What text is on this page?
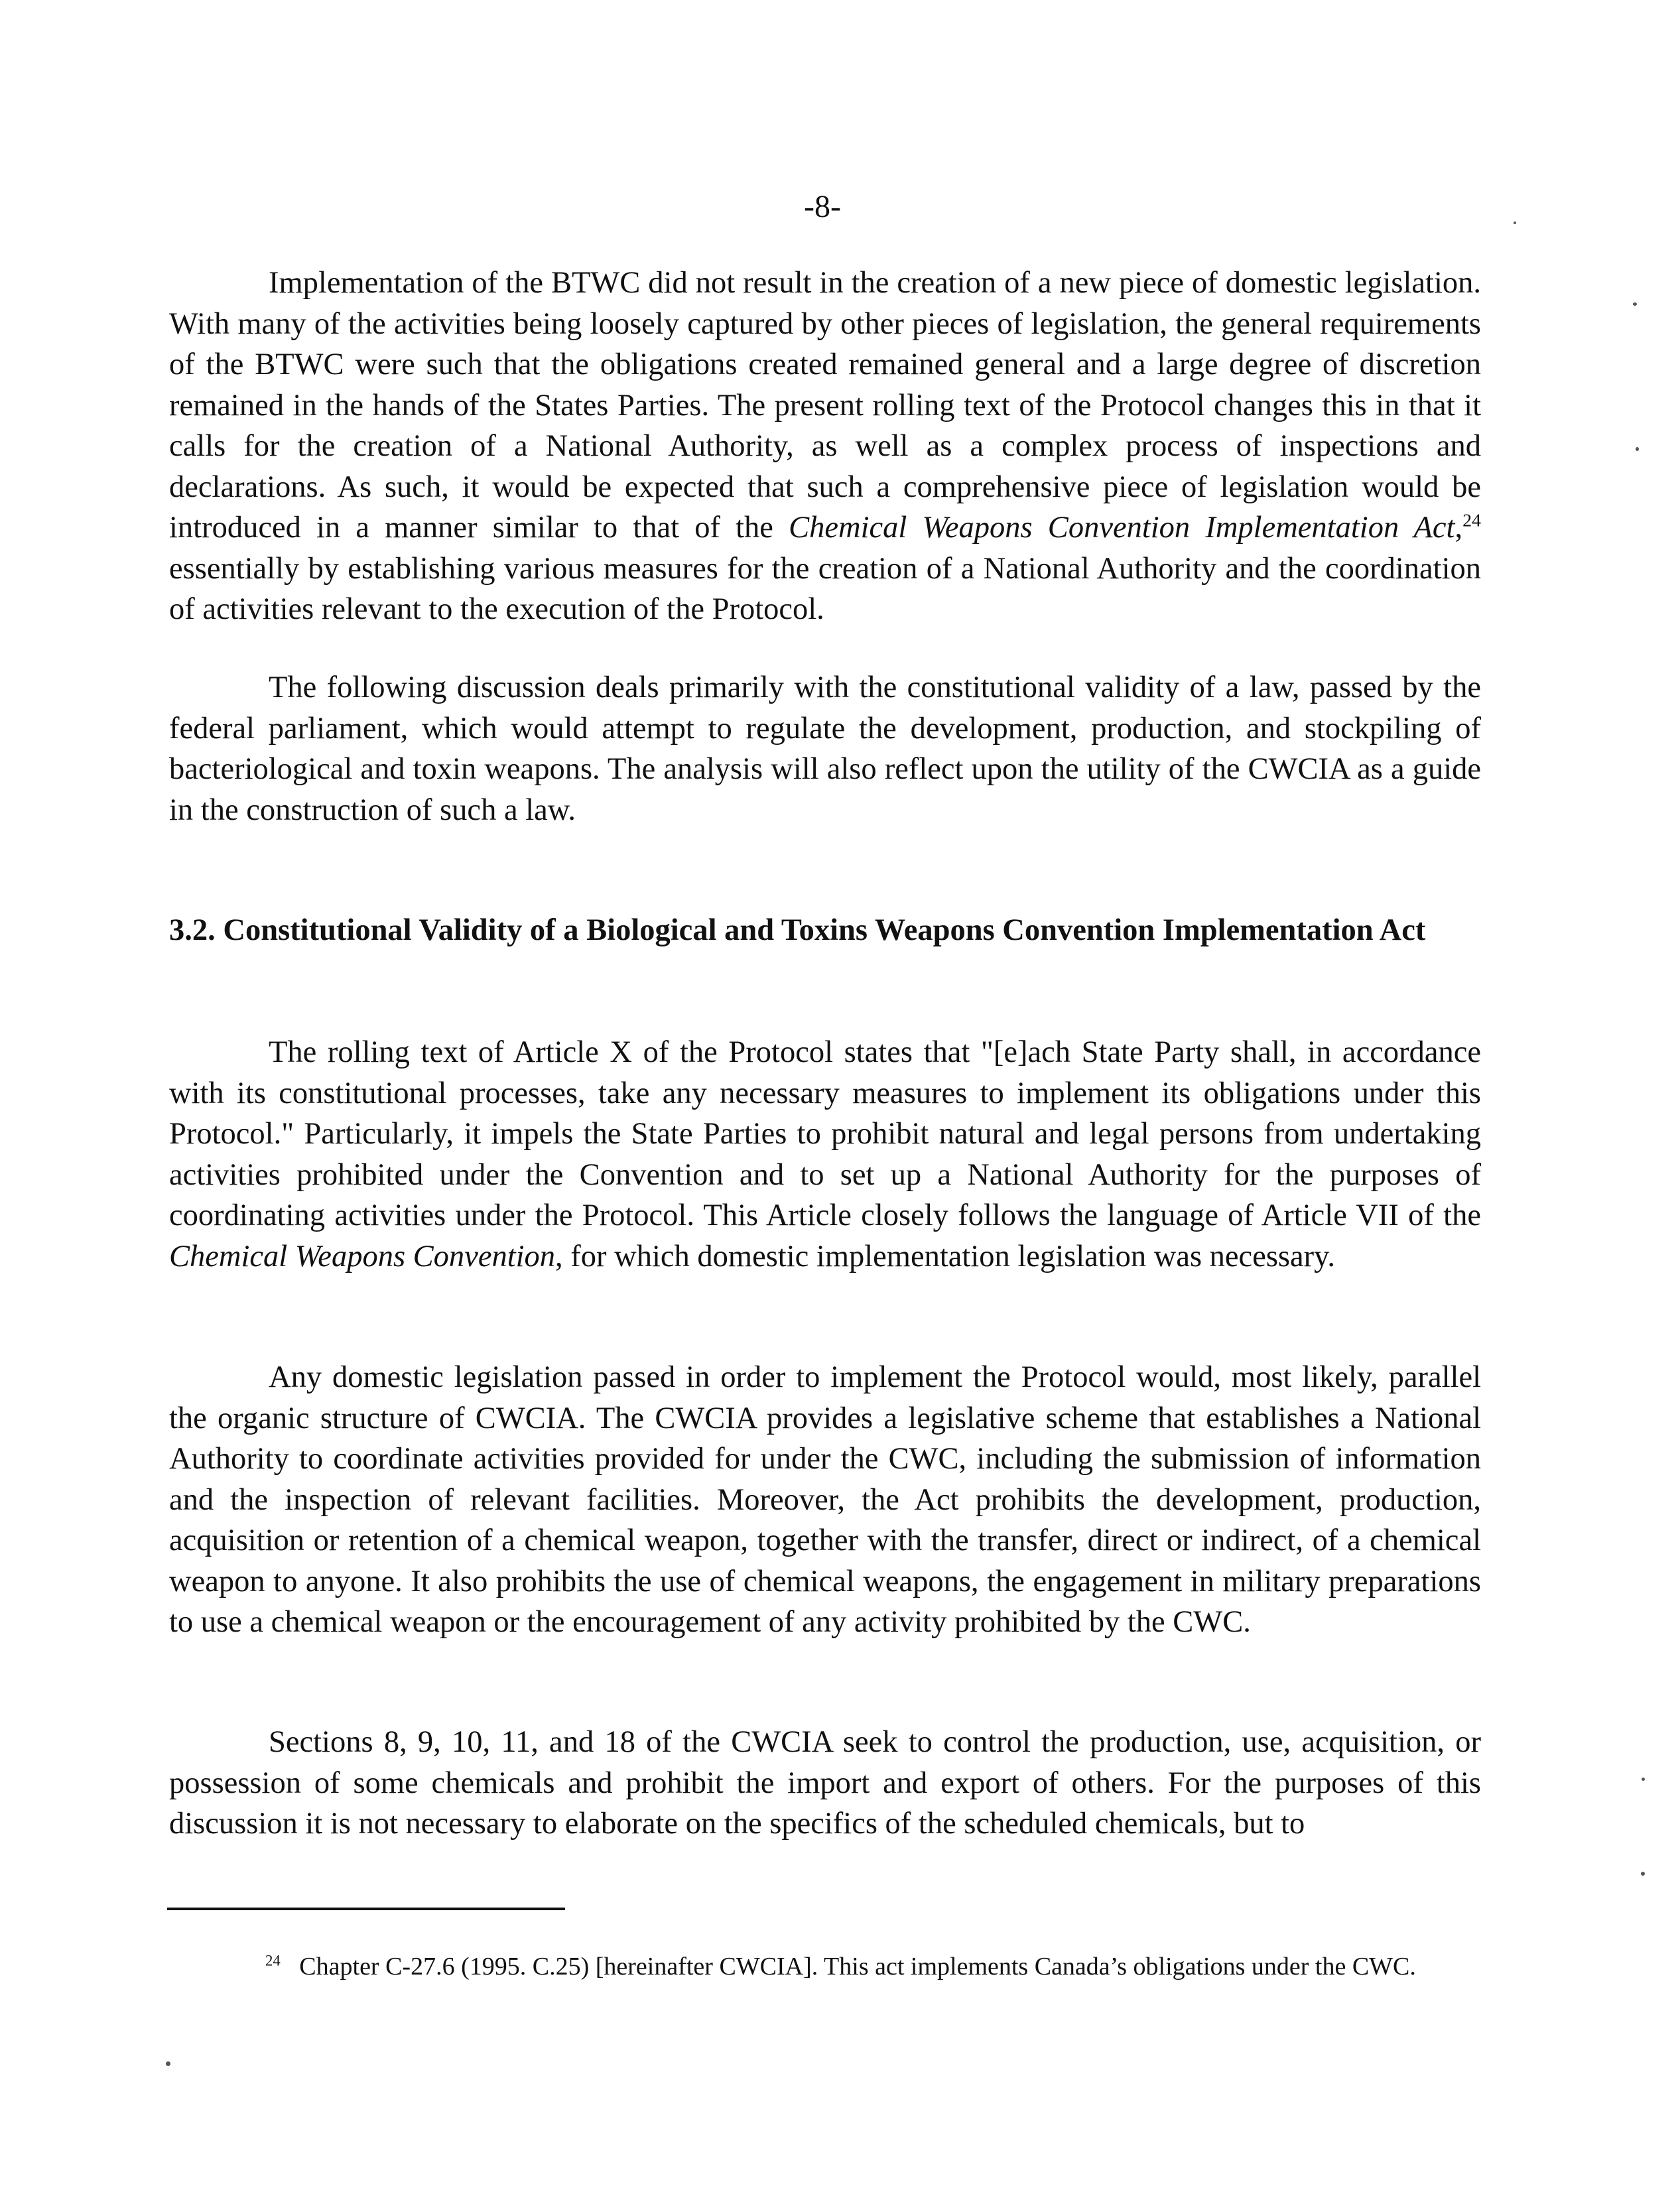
-8-

Implementation of the BTWC did not result in the creation of a new piece of domestic legislation. With many of the activities being loosely captured by other pieces of legislation, the general requirements of the BTWC were such that the obligations created remained general and a large degree of discretion remained in the hands of the States Parties. The present rolling text of the Protocol changes this in that it calls for the creation of a National Authority, as well as a complex process of inspections and declarations. As such, it would be expected that such a comprehensive piece of legislation would be introduced in a manner similar to that of the Chemical Weapons Convention Implementation Act,$^{24}$ essentially by establishing various measures for the creation of a National Authority and the coordination of activities relevant to the execution of the Protocol.

The following discussion deals primarily with the constitutional validity of a law, passed by the federal parliament, which would attempt to regulate the development, production, and stockpiling of bacteriological and toxin weapons. The analysis will also reflect upon the utility of the CWCIA as a guide in the construction of such a law.

3.2. Constitutional Validity of a Biological and Toxins Weapons Convention Implementation Act

The rolling text of Article X of the Protocol states that "[e]ach State Party shall, in accordance with its constitutional processes, take any necessary measures to implement its obligations under this Protocol." Particularly, it impels the State Parties to prohibit natural and legal persons from undertaking activities prohibited under the Convention and to set up a National Authority for the purposes of coordinating activities under the Protocol. This Article closely follows the language of Article VII of the Chemical Weapons Convention, for which domestic implementation legislation was necessary.

Any domestic legislation passed in order to implement the Protocol would, most likely, parallel the organic structure of CWCIA. The CWCIA provides a legislative scheme that establishes a National Authority to coordinate activities provided for under the CWC, including the submission of information and the inspection of relevant facilities. Moreover, the Act prohibits the development, production, acquisition or retention of a chemical weapon, together with the transfer, direct or indirect, of a chemical weapon to anyone. It also prohibits the use of chemical weapons, the engagement in military preparations to use a chemical weapon or the encouragement of any activity prohibited by the CWC.

Sections 8, 9, 10, 11, and 18 of the CWCIA seek to control the production, use, acquisition, or possession of some chemicals and prohibit the import and export of others. For the purposes of this discussion it is not necessary to elaborate on the specifics of the scheduled chemicals, but to

$^{24}$ Chapter C-27.6 (1995. C.25) [hereinafter CWCIA]. This act implements Canada’s obligations under the CWC.
